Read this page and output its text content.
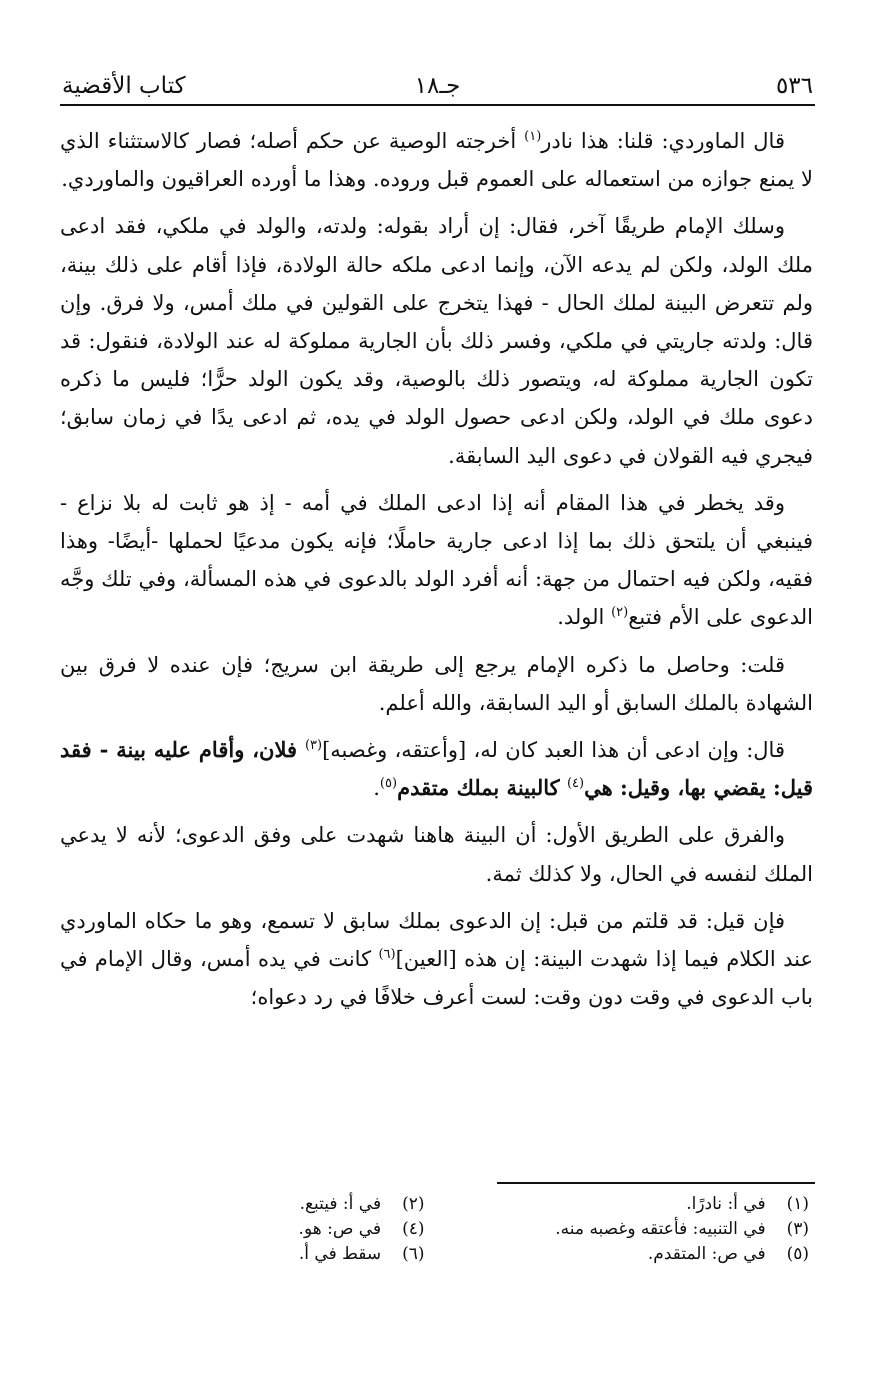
٥٣٦
جـ١٨
كتاب الأقضية

قال الماوردي: قلنا: هذا نادر$^{(١)}$ أخرجته الوصية عن حكم أصله؛ فصار كالاستثناء الذي لا يمنع جوازه من استعماله على العموم قبل وروده. وهذا ما أورده العراقيون والماوردي.

وسلك الإمام طريقًا آخر، فقال: إن أراد بقوله: ولدته، والولد في ملكي، فقد ادعى ملك الولد، ولكن لم يدعه الآن، وإنما ادعى ملكه حالة الولادة، فإذا أقام على ذلك بينة، ولم تتعرض البينة لملك الحال - فهذا يتخرج على القولين في ملك أمس، ولا فرق. وإن قال: ولدته جاريتي في ملكي، وفسر ذلك بأن الجارية مملوكة له عند الولادة، فنقول: قد تكون الجارية مملوكة له، ويتصور ذلك بالوصية، وقد يكون الولد حرًّا؛ فليس ما ذكره دعوى ملك في الولد، ولكن ادعى حصول الولد في يده، ثم ادعى يدًا في زمان سابق؛ فيجري فيه القولان في دعوى اليد السابقة.

وقد يخطر في هذا المقام أنه إذا ادعى الملك في أمه - إذ هو ثابت له بلا نزاع - فينبغي أن يلتحق ذلك بما إذا ادعى جارية حاملًا؛ فإنه يكون مدعيًا لحملها -أيضًا- وهذا فقيه، ولكن فيه احتمال من جهة: أنه أفرد الولد بالدعوى في هذه المسألة، وفي تلك وجَّه الدعوى على الأم فتبع$^{(٢)}$ الولد.

قلت: وحاصل ما ذكره الإمام يرجع إلى طريقة ابن سريج؛ فإن عنده لا فرق بين الشهادة بالملك السابق أو اليد السابقة، والله أعلم.

قال: وإن ادعى أن هذا العبد كان له، [وأعتقه، وغصبه]$^{(٣)}$ فلان، وأقام عليه بينة - فقد قيل: يقضي بها، وقيل: هي$^{(٤)}$ كالبينة بملك متقدم$^{(٥)}$.

والفرق على الطريق الأول: أن البينة هاهنا شهدت على وفق الدعوى؛ لأنه لا يدعي الملك لنفسه في الحال، ولا كذلك ثمة.

فإن قيل: قد قلتم من قبل: إن الدعوى بملك سابق لا تسمع، وهو ما حكاه الماوردي عند الكلام فيما إذا شهدت البينة: إن هذه [العين]$^{(٦)}$ كانت في يده أمس، وقال الإمام في باب الدعوى في وقت دون وقت: لست أعرف خلافًا في رد دعواه؛

(١) في أ: نادرًا.
(٢) في أ: فيتبع.
(٣) في التنبيه: فأعتقه وغصبه منه.
(٤) في ص: هو.
(٥) في ص: المتقدم.
(٦) سقط في أ.
